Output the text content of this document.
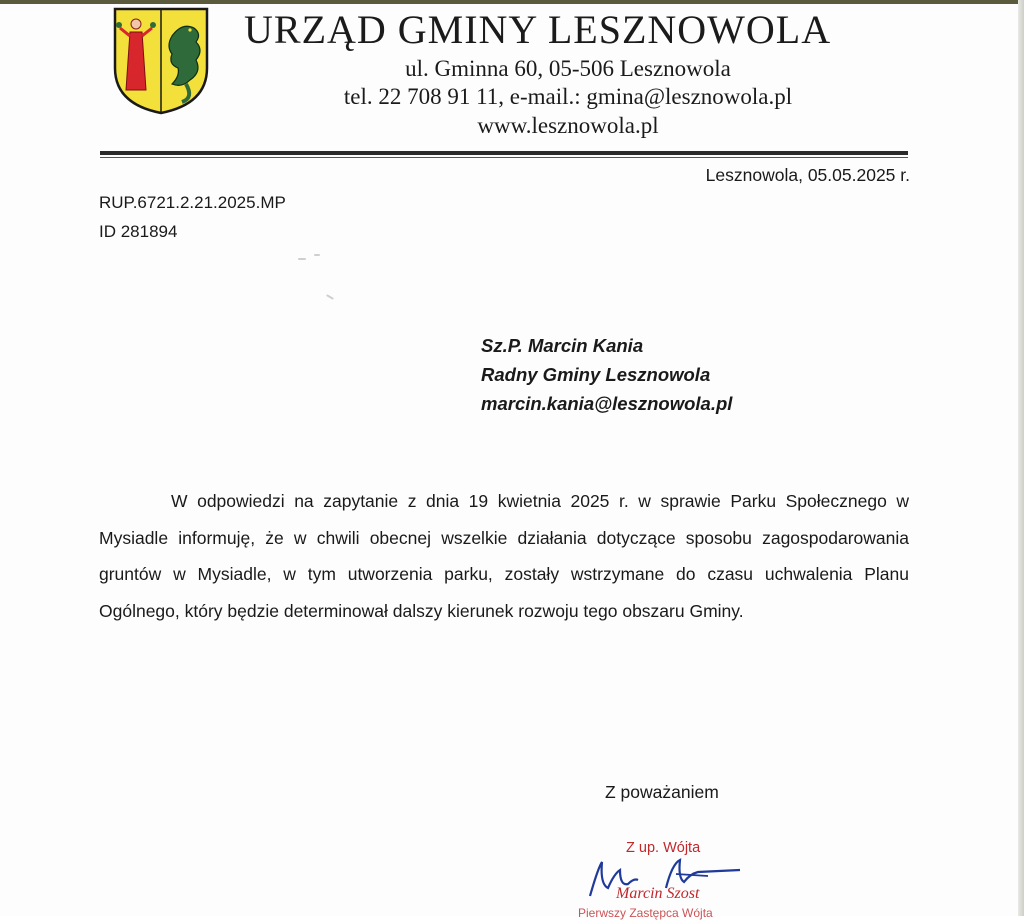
URZĄD GMINY LESZNOWOLA
ul. Gminna 60, 05-506 Lesznowola
tel. 22 708 91 11, e-mail.: gmina@lesznowola.pl
www.lesznowola.pl
Lesznowola, 05.05.2025 r.
RUP.6721.2.21.2025.MP
ID 281894
Sz.P. Marcin Kania
Radny Gminy Lesznowola
marcin.kania@lesznowola.pl
W odpowiedzi na zapytanie z dnia 19 kwietnia 2025 r. w sprawie Parku Społecznego w Mysiadle informuję, że w chwili obecnej wszelkie działania dotyczące sposobu zagospodarowania gruntów w Mysiadle, w tym utworzenia parku, zostały wstrzymane do czasu uchwalenia Planu Ogólnego, który będzie determinował dalszy kierunek rozwoju tego obszaru Gminy.
Z poważaniem
Z up. Wójta
Marcin Szost
Pierwszy Zastępca Wójta
